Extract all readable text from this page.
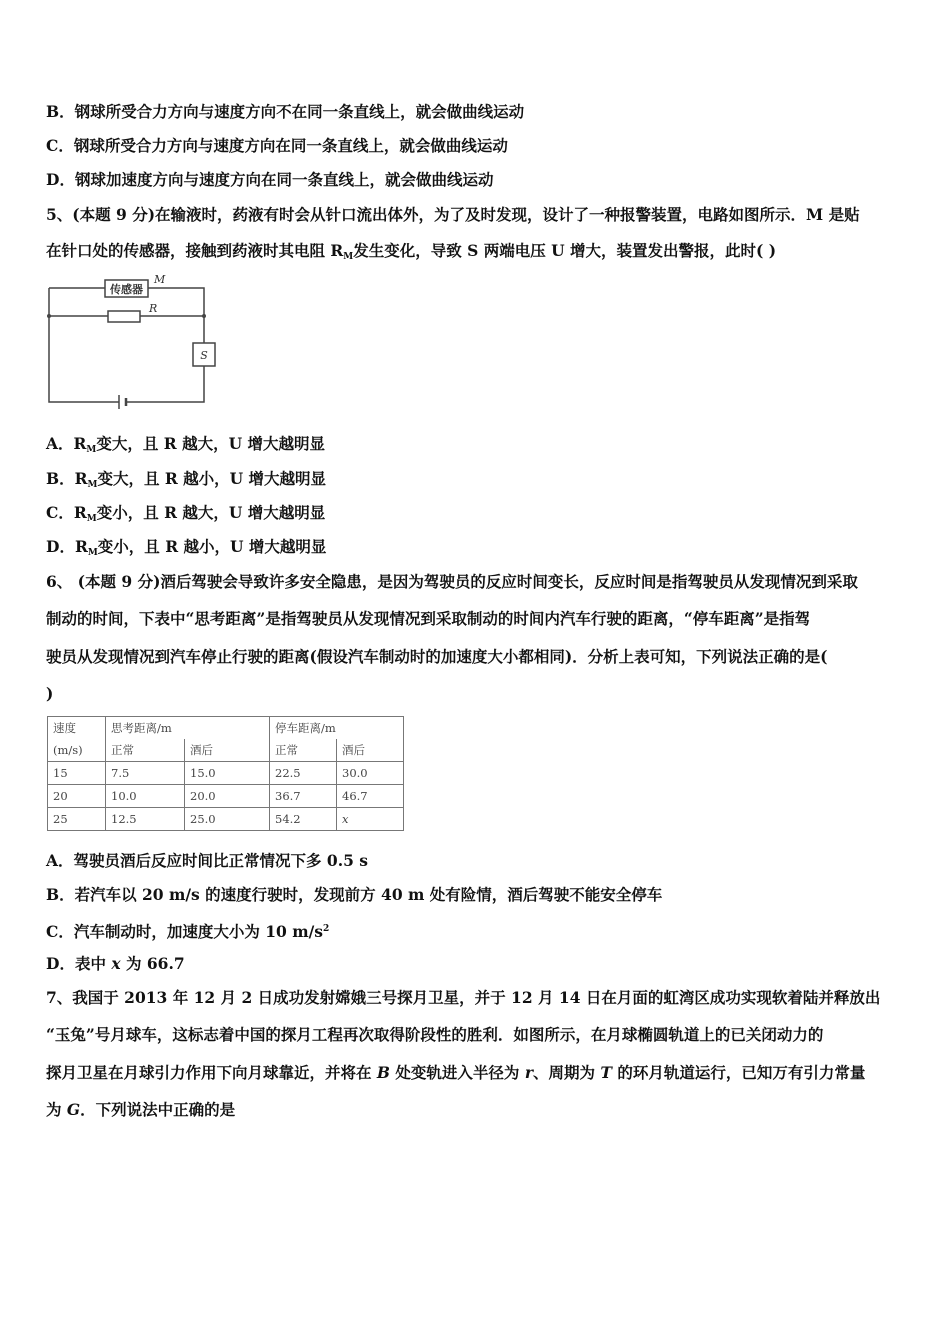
B．钢球所受合力方向与速度方向不在同一条直线上，就会做曲线运动
C．钢球所受合力方向与速度方向在同一条直线上，就会做曲线运动
D．钢球加速度方向与速度方向在同一条直线上，就会做曲线运动
5、(本题 9 分)在输液时，药液有时会从针口流出体外，为了及时发现，设计了一种报警装置，电路如图所示．M 是贴
在针口处的传感器，接触到药液时其电阻 $R_M$发生变化，导致 S 两端电压 U 增大，装置发出警报，此时( )
传感器
M
R
S
A．$R_M$变大，且 R 越大，U 增大越明显
B．$R_M$变大，且 R 越小，U 增大越明显
C．$R_M$变小，且 R 越大，U 增大越明显
D．$R_M$变小，且 R 越小，U 增大越明显
6、 (本题 9 分)酒后驾驶会导致许多安全隐患，是因为驾驶员的反应时间变长，反应时间是指驾驶员从发现情况到采取
制动的时间，下表中“思考距离”是指驾驶员从发现情况到采取制动的时间内汽车行驶的距离，“停车距离”是指驾
驶员从发现情况到汽车停止行驶的距离(假设汽车制动时的加速度大小都相同)．分析上表可知，下列说法正确的是(
)
速度	思考距离/m		停车距离/m	
(m/s)	正常	酒后	正常	酒后
15	7.5	15.0	22.5	30.0
20	10.0	20.0	36.7	46.7
25	12.5	25.0	54.2	x
A．驾驶员酒后反应时间比正常情况下多 0.5 s
B．若汽车以 20 m/s 的速度行驶时，发现前方 40 m 处有险情，酒后驾驶不能安全停车
C．汽车制动时，加速度大小为 10 $m/s^2$
D．表中 x 为 66.7
7、我国于 2013 年 12 月 2 日成功发射嫦娥三号探月卫星，并于 12 月 14 日在月面的虹湾区成功实现软着陆并释放出
“玉兔”号月球车，这标志着中国的探月工程再次取得阶段性的胜利．如图所示，在月球椭圆轨道上的已关闭动力的
探月卫星在月球引力作用下向月球靠近，并将在 B 处变轨进入半径为 r、周期为 T 的环月轨道运行，已知万有引力常量
为 G．下列说法中正确的是
